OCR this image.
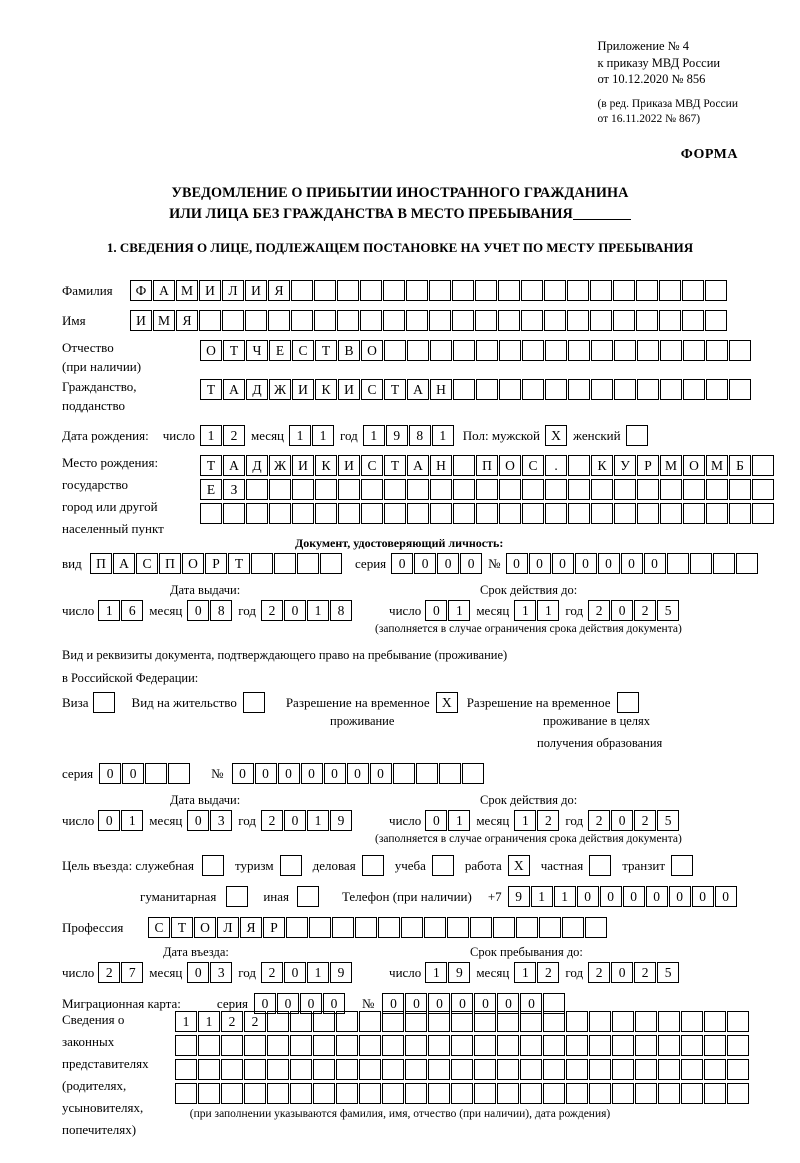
Приложение № 4
к приказу МВД России
от 10.12.2020 № 856
(в ред. Приказа МВД России
от 16.11.2022 № 867)
ФОРМА
УВЕДОМЛЕНИЕ О ПРИБЫТИИ ИНОСТРАННОГО ГРАЖДАНИНА
ИЛИ ЛИЦА БЕЗ ГРАЖДАНСТВА В МЕСТО ПРЕБЫВАНИЯ
1. СВЕДЕНИЯ О ЛИЦЕ, ПОДЛЕЖАЩЕМ ПОСТАНОВКЕ НА УЧЕТ ПО МЕСТУ ПРЕБЫВАНИЯ
Фамилия	Ф А М И	Л	И	Я
Имя	И М Я
Отчество
(при наличии)
О	Т	Ч	Е	С	Т	В	О
Гражданство,
подданство
Т	А	Д Ж И	К	И	С	Т	А Н
Дата рождения: число 1	2	месяц 1	1	год 1	9	8	1	Пол: мужской Х женский
Место рождения:
государство
город или другой
населенный пункт
Т	А	Д Ж И	К	И	С	Т	А Н	П О	С	.	К	У	Р М О М Б
Е	З
Документ, удостоверяющий личность:
вид	П А	С	П О	Р	Т	серия 0	0	0	0	№ 0	0	0	0	0	0	0
Дата выдачи:	Срок действия до:
число 1	6	месяц 0	8	год 2	0	1	8	число 0	1	месяц 1	1	год 2	0	2	5
(заполняется в случае ограничения срока действия документа)
Вид и реквизиты документа, подтверждающего право на пребывание (проживание)
в Российской Федерации:
Виза	Вид на жительство	Разрешение на временное Х	Разрешение на временное
проживание	проживание в целях
получения образования
серия	0	0	№	0	0	0	0	0	0	0
Дата выдачи:	Срок действия до:
число 0	1	месяц 0	3	год 2	0	1	9	число 0	1	месяц 1	2	год 2	0	2	5
(заполняется в случае ограничения срока действия документа)
Цель въезда: служебная	туризм	деловая	учеба	работа Х	частная	транзит
гуманитарная	иная	Телефон (при наличии) +7	9	1	1	0	0	0	0	0	0	0
Профессия	С	Т	О	Л	Я	Р
Дата въезда:	Срок пребывания до:
число 2	7	месяц 0	3	год 2	0	1	9	число 1	9	месяц 1	2	год 2	0	2	5
Миграционная карта:	серия	0	0	0	0	№	0	0	0	0	0	0	0
Сведения о
законных
представителях
(родителях,
усыновителях,
попечителях)
1	1	2	2
(при заполнении указываются фамилия, имя, отчество (при наличии), дата рождения)
